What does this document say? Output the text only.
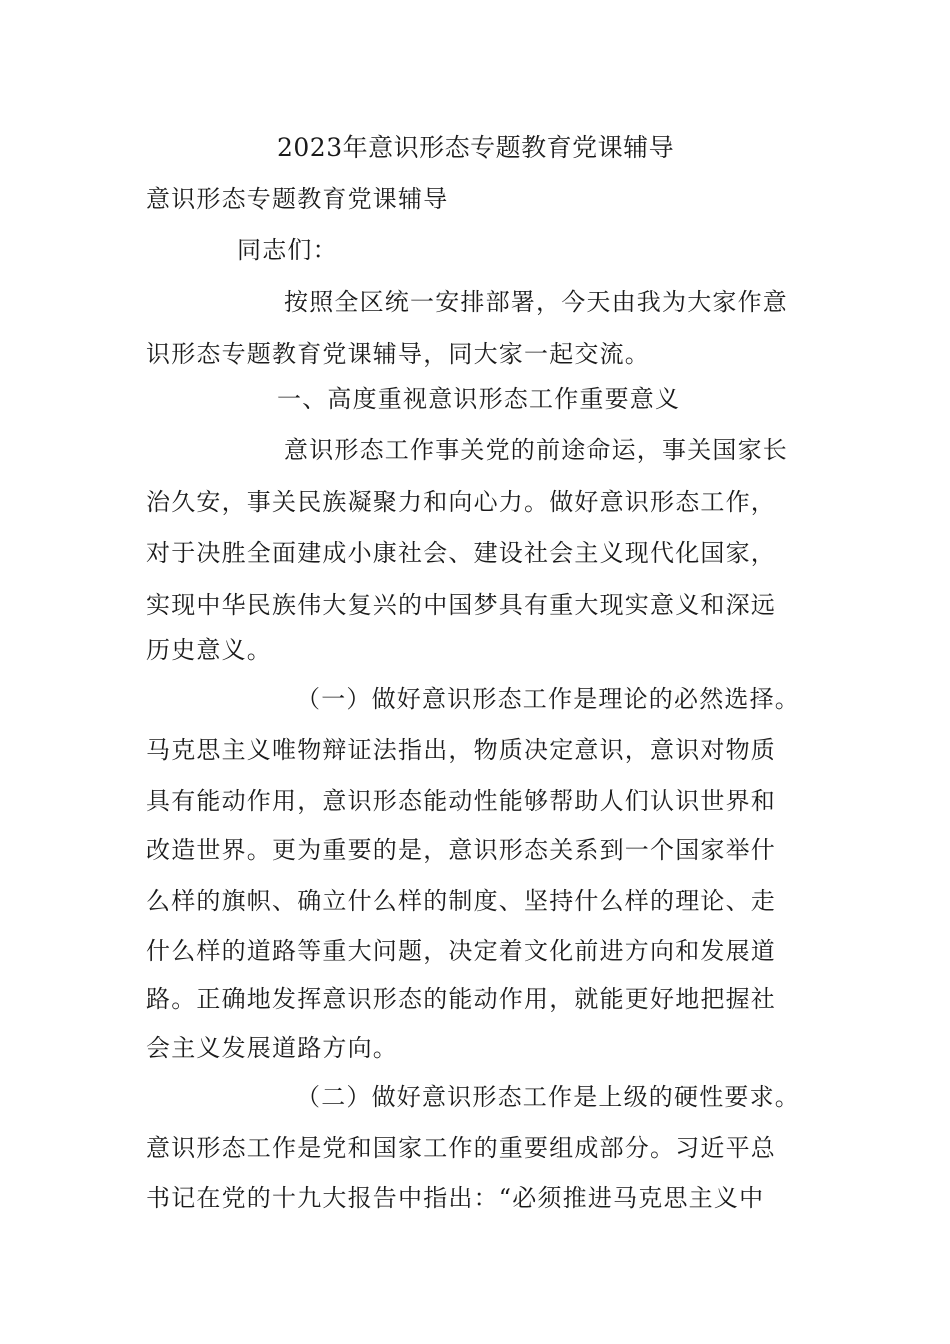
2023年意识形态专题教育党课辅导
意识形态专题教育党课辅导
同志们：
按照全区统一安排部署，今天由我为大家作意
识形态专题教育党课辅导，同大家一起交流。
一、高度重视意识形态工作重要意义
意识形态工作事关党的前途命运，事关国家长
治久安，事关民族凝聚力和向心力。做好意识形态工作，
对于决胜全面建成小康社会、建设社会主义现代化国家，
实现中华民族伟大复兴的中国梦具有重大现实意义和深远
历史意义。
（一）做好意识形态工作是理论的必然选择。
马克思主义唯物辩证法指出，物质决定意识，意识对物质
具有能动作用，意识形态能动性能够帮助人们认识世界和
改造世界。更为重要的是，意识形态关系到一个国家举什
么样的旗帜、确立什么样的制度、坚持什么样的理论、走
什么样的道路等重大问题，决定着文化前进方向和发展道
路。正确地发挥意识形态的能动作用，就能更好地把握社
会主义发展道路方向。
（二）做好意识形态工作是上级的硬性要求。
意识形态工作是党和国家工作的重要组成部分。习近平总
书记在党的十九大报告中指出：“必须推进马克思主义中
